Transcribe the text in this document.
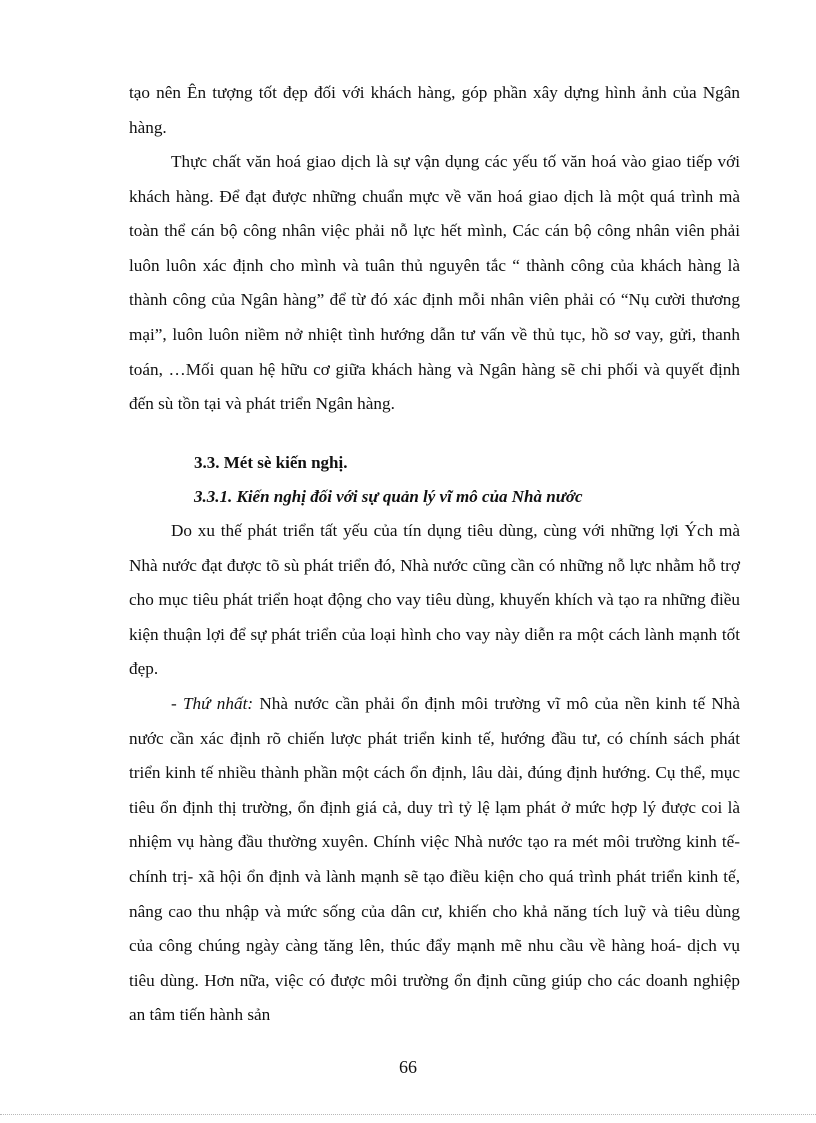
tạo nên Ên tượng tốt đẹp đối với khách hàng, góp phần xây dựng hình ảnh của Ngân hàng.

Thực chất văn hoá giao dịch là sự vận dụng các yếu tố văn hoá vào giao tiếp với khách hàng. Để đạt được những chuẩn mực về văn hoá giao dịch là một quá trình mà toàn thể cán bộ công nhân việc phải nỗ lực hết mình, Các cán bộ công nhân viên phải luôn luôn xác định cho mình và tuân thủ nguyên tắc “ thành công của khách hàng là thành công của Ngân hàng” để từ đó xác định mỗi nhân viên phải có “Nụ cười thương mại”, luôn luôn niềm nở nhiệt tình hướng dẫn tư vấn về thủ tục, hồ sơ vay, gửi, thanh toán, …Mối quan hệ hữu cơ giữa khách hàng và Ngân hàng sẽ chi phối và quyết định đến sù tồn tại và phát triển Ngân hàng.

3.3. Mét sè kiến nghị.
3.3.1. Kiến nghị đối với sự quản lý vĩ mô của Nhà nước

Do xu thế phát triển tất yếu của tín dụng tiêu dùng, cùng với những lợi Ých mà Nhà nước đạt được tõ sù phát triển đó, Nhà nước cũng cần có những nỗ lực nhằm hỗ trợ cho mục tiêu phát triển hoạt động cho vay tiêu dùng, khuyến khích và tạo ra những điều kiện thuận lợi để sự phát triển của loại hình cho vay này diễn ra một cách lành mạnh tốt đẹp.

- Thứ nhất: Nhà nước cần phải ổn định môi trường vĩ mô của nền kinh tế Nhà nước cần xác định rõ chiến lược phát triển kinh tế, hướng đầu tư, có chính sách phát triển kinh tế nhiều thành phần một cách ổn định, lâu dài, đúng định hướng. Cụ thể, mục tiêu ổn định thị trường, ổn định giá cả, duy trì tỷ lệ lạm phát ở mức hợp lý được coi là nhiệm vụ hàng đầu thường xuyên. Chính việc Nhà nước tạo ra mét môi trường kinh tế- chính trị- xã hội ổn định và lành mạnh sẽ tạo điều kiện cho quá trình phát triển kinh tế, nâng cao thu nhập và mức sống của dân cư, khiến cho khả năng tích luỹ và tiêu dùng của công chúng ngày càng tăng lên, thúc đẩy mạnh mẽ nhu cầu về hàng hoá- dịch vụ tiêu dùng. Hơn nữa, việc có được môi trường ổn định cũng giúp cho các doanh nghiệp an tâm tiến hành sản

66
